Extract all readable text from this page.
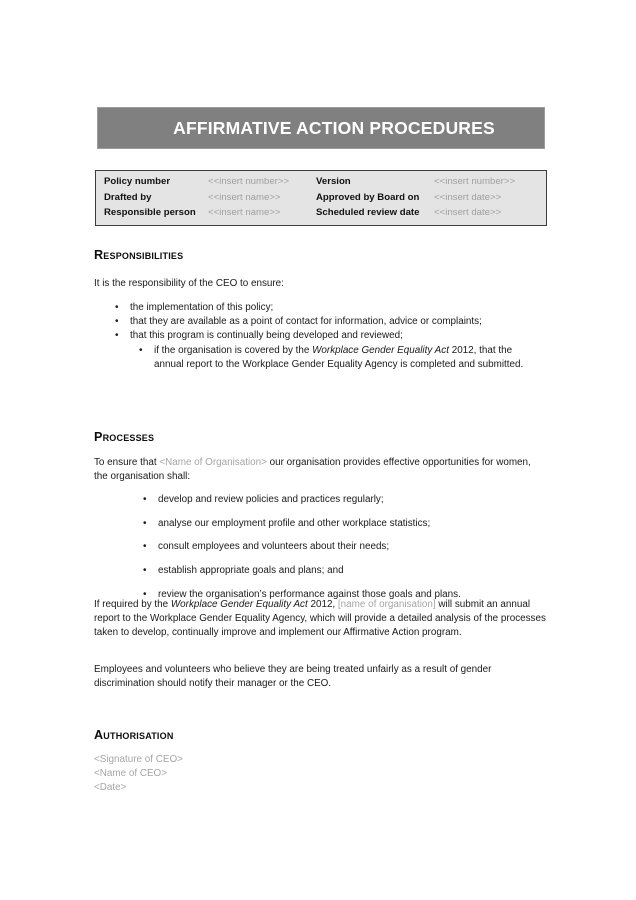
AFFIRMATIVE ACTION PROCEDURES
Policy number	<<insert number>>	Version	<<insert number>>
Drafted by	<<insert name>>	Approved by Board on	<<insert date>>
Responsible person	<<insert name>>	Scheduled review date	<<insert date>>
Responsibilities
It is the responsibility of the CEO to ensure:
• the implementation of this policy;
• that they are available as a point of contact for information, advice or complaints;
• that this program is continually being developed and reviewed;
• if the organisation is covered by the Workplace Gender Equality Act 2012, that the annual report to the Workplace Gender Equality Agency is completed and submitted.
Processes
To ensure that <Name of Organisation> our organisation provides effective opportunities for women, the organisation shall:
• develop and review policies and practices regularly;
• analyse our employment profile and other workplace statistics;
• consult employees and volunteers about their needs;
• establish appropriate goals and plans; and
• review the organisation’s performance against those goals and plans.
If required by the Workplace Gender Equality Act 2012, [name of organisation] will submit an annual report to the Workplace Gender Equality Agency, which will provide a detailed analysis of the processes taken to develop, continually improve and implement our Affirmative Action program.
Employees and volunteers who believe they are being treated unfairly as a result of gender discrimination should notify their manager or the CEO.
Authorisation
<Signature of CEO>
<Name of CEO>
<Date>
